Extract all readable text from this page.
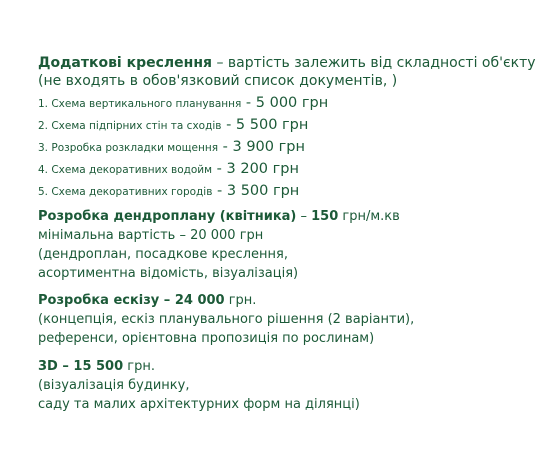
Додаткові креслення – вартість залежить від складності об'єкту
(не входять в обов'язковий список документів, )
1. Схема вертикального планування - 5 000 грн
2. Схема підпірних стін та сходів - 5 500 грн
3. Розробка розкладки мощення - 3 900 грн
4. Схема декоративних водойм - 3 200 грн
5. Схема декоративних городів - 3 500 грн
Розробка дендроплану (квітника) – 150 грн/м.кв
мінімальна вартість – 20 000 грн
(дендроплан, посадкове креслення,
асортиментна відомість, візуалізація)
Розробка ескізу – 24 000 грн.
(концепція, ескіз планувального рішення (2 варіанти),
референси, орієнтовна пропозиція по рослинам)
3D – 15 500 грн.
(візуалізація будинку,
саду та малих архітектурних форм на ділянці)
